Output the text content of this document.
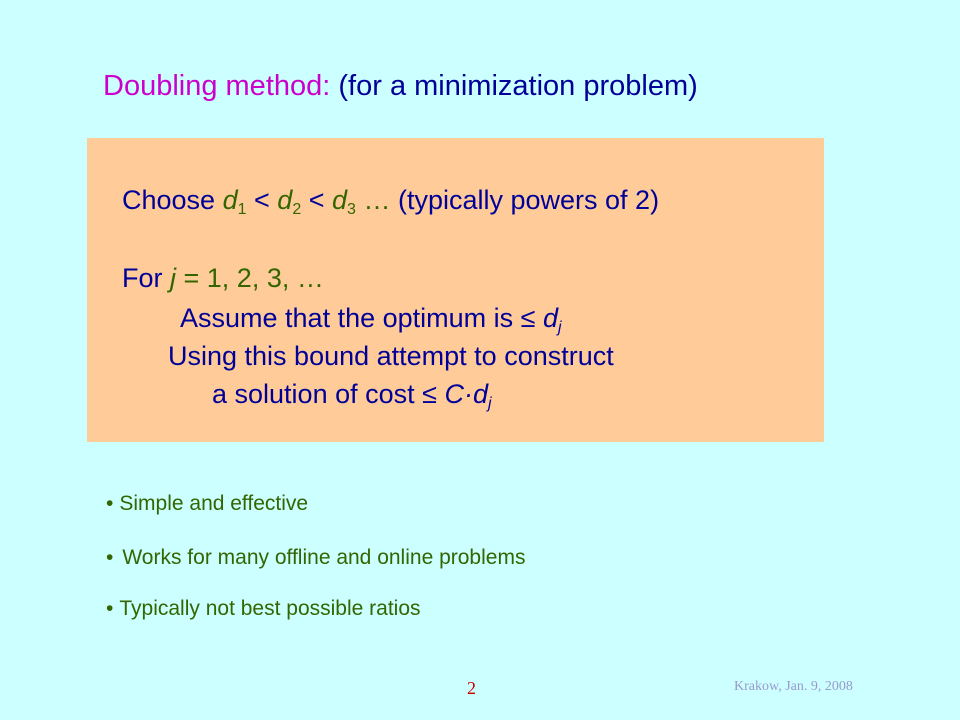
Doubling method: (for a minimization problem)
Choose $d_1 < d_2 < d_3$ … (typically powers of 2)
For j = 1, 2, 3, …
Assume that the optimum is ≤ $d_j$
Using this bound attempt to construct
a solution of $\cos t \le C\cdot d_j$
• Simple and effective
• Works for many offline and online problems
• Typically not best possible ratios
2	Krakow, Jan. 9, 2008
